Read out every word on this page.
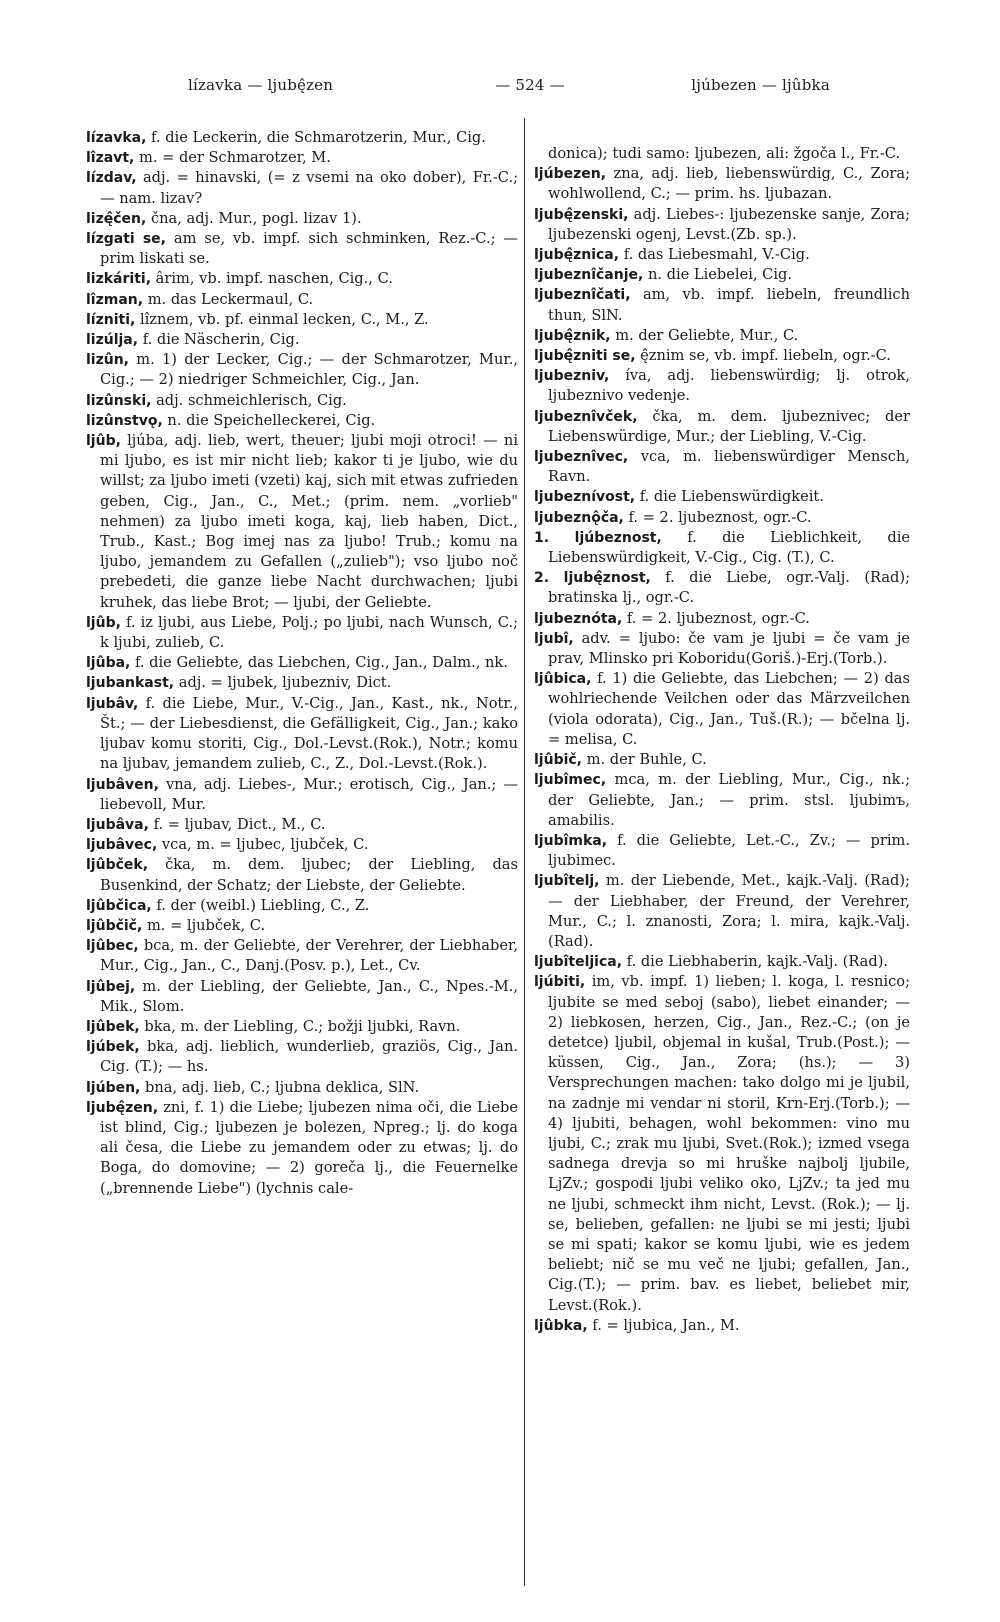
lízavka — ljubę̂zen	— 524 —	ljúbezen — ljûbka

lízavka, f. die Leckerin, die Schmarotzerin, Mur., Cig.

lîzavt, m. = der Schmarotzer, M.

lízdav, adj. = hinavski, (= z vsemi na oko dober), Fr.-C.; — nam. lizav?

lizę̂čen, čna, adj. Mur., pogl. lizav 1).

lízgati se, am se, vb. impf. sich schminken, Rez.-C.; — prim liskati se.

lizkáriti, ârim, vb. impf. naschen, Cig., C.

lîzman, m. das Leckermaul, C.

lízniti, lîznem, vb. pf. einmal lecken, C., M., Z.

lizúlja, f. die Näscherin, Cig.

lizûn, m. 1) der Lecker, Cig.; — der Schmarotzer, Mur., Cig.; — 2) niedriger Schmeichler, Cig., Jan.

lizûnski, adj. schmeichlerisch, Cig.

lizûnstvǫ, n. die Speichelleckerei, Cig.

ljûb, ljúba, adj. lieb, wert, theuer; ljubi moji otroci! — ni mi ljubo, es ist mir nicht lieb; kakor ti je ljubo, wie du willst; za ljubo imeti (vzeti) kaj, sich mit etwas zufrieden geben, Cig., Jan., C., Met.; (prim. nem. „vorlieb" nehmen) za ljubo imeti koga, kaj, lieb haben, Dict., Trub., Kast.; Bog imej nas za ljubo! Trub.; komu na ljubo, jemandem zu Gefallen („zulieb"); vso ljubo noč prebedeti, die ganze liebe Nacht durchwachen; ljubi kruhek, das liebe Brot; — ljubi, der Geliebte.

ljûb, f. iz ljubi, aus Liebe, Polj.; po ljubi, nach Wunsch, C.; k ljubi, zulieb, C.

ljûba, f. die Geliebte, das Liebchen, Cig., Jan., Dalm., nk.

ljubankast, adj. = ljubek, ljubezniv, Dict.

ljubâv, f. die Liebe, Mur., V.-Cig., Jan., Kast., nk., Notr., Št.; — der Liebesdienst, die Gefälligkeit, Cig., Jan.; kako ljubav komu storiti, Cig., Dol.-Levst.(Rok.), Notr.; komu na ljubav, jemandem zulieb, C., Z., Dol.-Levst.(Rok.).

ljubâven, vna, adj. Liebes-, Mur.; erotisch, Cig., Jan.; — liebevoll, Mur.

ljubâva, f. = ljubav, Dict., M., C.

ljubâvec, vca, m. = ljubec, ljubček, C.

ljûbček, čka, m. dem. ljubec; der Liebling, das Busenkind, der Schatz; der Liebste, der Geliebte.

ljûbčica, f. der (weibl.) Liebling, C., Z.

ljûbčič, m. = ljubček, C.

ljûbec, bca, m. der Geliebte, der Verehrer, der Liebhaber, Mur., Cig., Jan., C., Danj.(Posv. p.), Let., Cv.

ljûbej, m. der Liebling, der Geliebte, Jan., C., Npes.-M., Mik., Slom.

ljûbek, bka, m. der Liebling, C.; božji ljubki, Ravn.

ljúbek, bka, adj. lieblich, wunderlieb, graziös, Cig., Jan. Cig. (T.); — hs.

ljúben, bna, adj. lieb, C.; ljubna deklica, SlN.

ljubę̂zen, zni, f. 1) die Liebe; ljubezen nima oči, die Liebe ist blind, Cig.; ljubezen je bolezen, Npreg.; lj. do koga ali česa, die Liebe zu jemandem oder zu etwas; lj. do Boga, do domovine; — 2) goreča lj., die Feuernelke („brennende Liebe") (lychnis cale-

donica); tudi samo: ljubezen, ali: žgoča l., Fr.-C.

ljúbezen, zna, adj. lieb, liebenswürdig, C., Zora; wohlwollend, C.; — prim. hs. ljubazan.

ljubę̂zenski, adj. Liebes-: ljubezenske sanje, Zora; ljubezenski ogenj, Levst.(Zb. sp.).

ljubę̂znica, f. das Liebesmahl, V.-Cig.

ljubeznîčanje, n. die Liebelei, Cig.

ljubeznîčati, am, vb. impf. liebeln, freundlich thun, SlN.

ljubę̂znik, m. der Geliebte, Mur., C.

ljubę̂zniti se, ę̂znim se, vb. impf. liebeln, ogr.-C.

ljubezniv, íva, adj. liebenswürdig; lj. otrok, ljubeznivo vedenje.

ljubeznîvček, čka, m. dem. ljubeznivec; der Liebenswürdige, Mur.; der Liebling, V.-Cig.

ljubeznîvec, vca, m. liebenswürdiger Mensch, Ravn.

ljubeznívost, f. die Liebenswürdigkeit.

ljubeznǫ̂ča, f. = 2. ljubeznost, ogr.-C.

1. ljúbeznost, f. die Lieblichkeit, die Liebenswürdigkeit, V.-Cig., Cig. (T.), C.

2. ljubę̂znost, f. die Liebe, ogr.-Valj. (Rad); bratinska lj., ogr.-C.

ljubeznóta, f. = 2. ljubeznost, ogr.-C.

ljubî, adv. = ljubo: če vam je ljubi = če vam je prav, Mlinsko pri Koboridu(Goriš.)-Erj.(Torb.).

ljûbica, f. 1) die Geliebte, das Liebchen; — 2) das wohlriechende Veilchen oder das Märzveilchen (viola odorata), Cig., Jan., Tuš.(R.); — bčelna lj. = melisa, C.

ljûbič, m. der Buhle, C.

ljubîmec, mca, m. der Liebling, Mur., Cig., nk.; der Geliebte, Jan.; — prim. stsl. ljubimъ, amabilis.

ljubîmka, f. die Geliebte, Let.-C., Zv.; — prim. ljubimec.

ljubîtelj, m. der Liebende, Met., kajk.-Valj. (Rad); — der Liebhaber, der Freund, der Verehrer, Mur., C.; l. znanosti, Zora; l. mira, kajk.-Valj.(Rad).

ljubîteljica, f. die Liebhaberin, kajk.-Valj. (Rad).

ljúbiti, im, vb. impf. 1) lieben; l. koga, l. resnico; ljubite se med seboj (sabo), liebet einander; — 2) liebkosen, herzen, Cig., Jan., Rez.-C.; (on je detetce) ljubil, objemal in kušal, Trub.(Post.); — küssen, Cig., Jan., Zora; (hs.); — 3) Versprechungen machen: tako dolgo mi je ljubil, na zadnje mi vendar ni storil, Krn-Erj.(Torb.); — 4) ljubiti, behagen, wohl bekommen: vino mu ljubi, C.; zrak mu ljubi, Svet.(Rok.); izmed vsega sadnega drevja so mi hruške najbolj ljubile, LjZv.; gospodi ljubi veliko oko, LjZv.; ta jed mu ne ljubi, schmeckt ihm nicht, Levst. (Rok.); — lj. se, belieben, gefallen: ne ljubi se mi jesti; ljubi se mi spati; kakor se komu ljubi, wie es jedem beliebt; nič se mu več ne ljubi; gefallen, Jan., Cig.(T.); — prim. bav. es liebet, beliebet mir, Levst.(Rok.).

ljûbka, f. = ljubica, Jan., M.
